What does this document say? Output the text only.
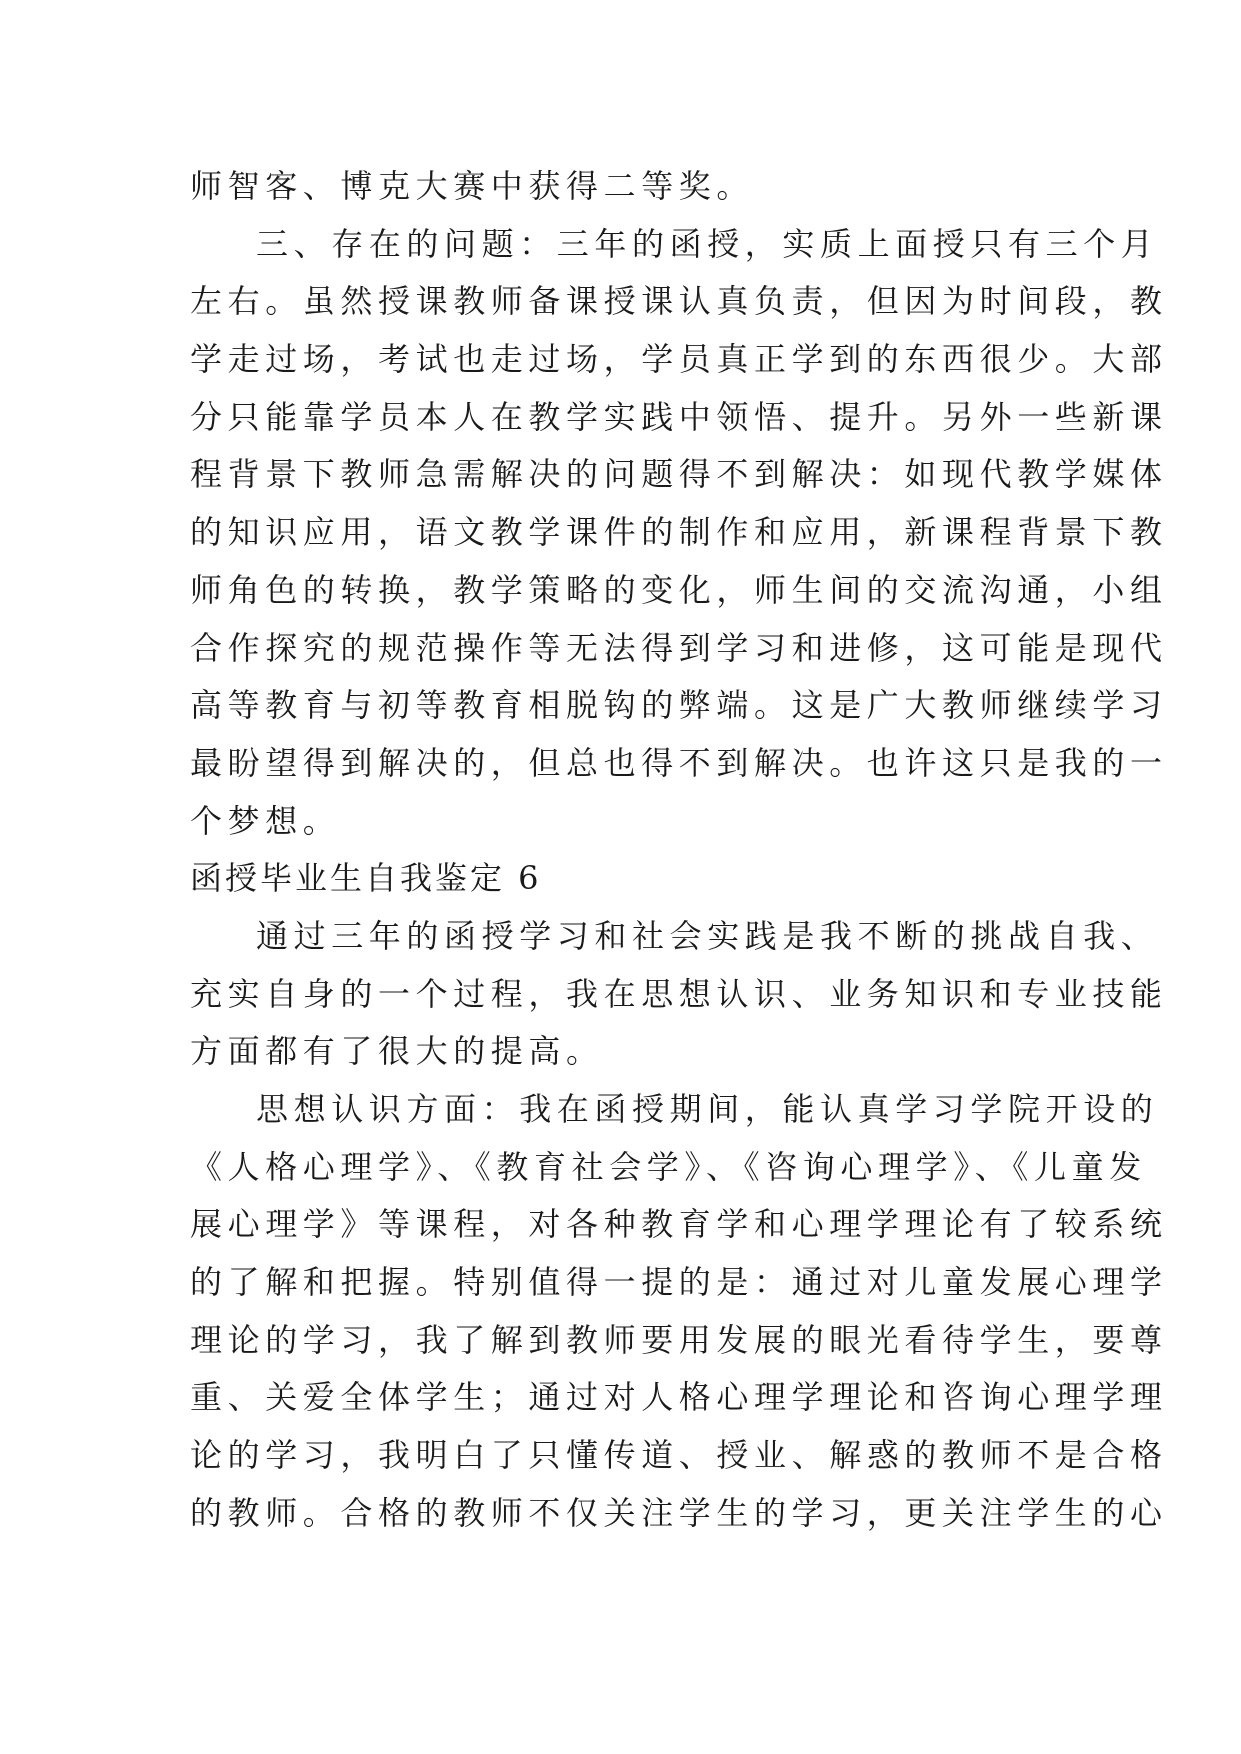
师智客、博克大赛中获得二等奖。
三、存在的问题：三年的函授，实质上面授只有三个月
左右。虽然授课教师备课授课认真负责，但因为时间段，教
学走过场，考试也走过场，学员真正学到的东西很少。大部
分只能靠学员本人在教学实践中领悟、提升。另外一些新课
程背景下教师急需解决的问题得不到解决：如现代教学媒体
的知识应用，语文教学课件的制作和应用，新课程背景下教
师角色的转换，教学策略的变化，师生间的交流沟通，小组
合作探究的规范操作等无法得到学习和进修，这可能是现代
高等教育与初等教育相脱钩的弊端。这是广大教师继续学习
最盼望得到解决的，但总也得不到解决。也许这只是我的一
个梦想。
函授毕业生自我鉴定 6
通过三年的函授学习和社会实践是我不断的挑战自我、
充实自身的一个过程，我在思想认识、业务知识和专业技能
方面都有了很大的提高。
思想认识方面：我在函授期间，能认真学习学院开设的
《人格心理学》、《教育社会学》、《咨询心理学》、《儿童发
展心理学》等课程，对各种教育学和心理学理论有了较系统
的了解和把握。特别值得一提的是：通过对儿童发展心理学
理论的学习，我了解到教师要用发展的眼光看待学生，要尊
重、关爱全体学生；通过对人格心理学理论和咨询心理学理
论的学习，我明白了只懂传道、授业、解惑的教师不是合格
的教师。合格的教师不仅关注学生的学习，更关注学生的心
